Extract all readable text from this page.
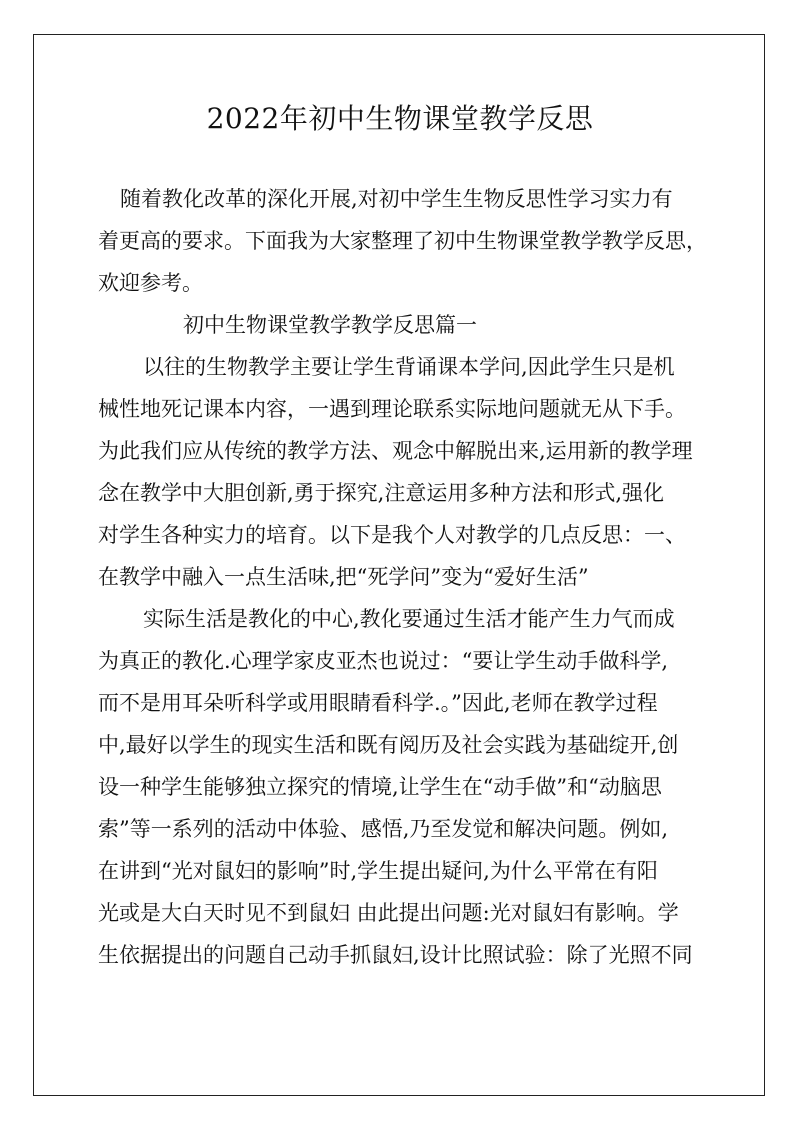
2022年初中生物课堂教学反思
随着教化改革的深化开展,对初中学生生物反思性学习实力有
着更高的要求。下面我为大家整理了初中生物课堂教学教学反思，
欢迎参考。
初中生物课堂教学教学反思篇一
以往的生物教学主要让学生背诵课本学问,因此学生只是机
械性地死记课本内容，一遇到理论联系实际地问题就无从下手。
为此我们应从传统的教学方法、观念中解脱出来,运用新的教学理
念在教学中大胆创新,勇于探究,注意运用多种方法和形式,强化
对学生各种实力的培育。以下是我个人对教学的几点反思：一、
在教学中融入一点生活味,把“死学问”变为“爱好生活”
实际生活是教化的中心,教化要通过生活才能产生力气而成
为真正的教化.心理学家皮亚杰也说过：“要让学生动手做科学,
而不是用耳朵听科学或用眼睛看科学.。”因此,老师在教学过程
中,最好以学生的现实生活和既有阅历及社会实践为基础绽开,创
设一种学生能够独立探究的情境,让学生在“动手做”和“动脑思
索”等一系列的活动中体验、感悟,乃至发觉和解决问题。例如,
在讲到“光对鼠妇的影响”时,学生提出疑问,为什么平常在有阳
光或是大白天时见不到鼠妇 由此提出问题:光对鼠妇有影响。学
生依据提出的问题自己动手抓鼠妇,设计比照试验：除了光照不同
